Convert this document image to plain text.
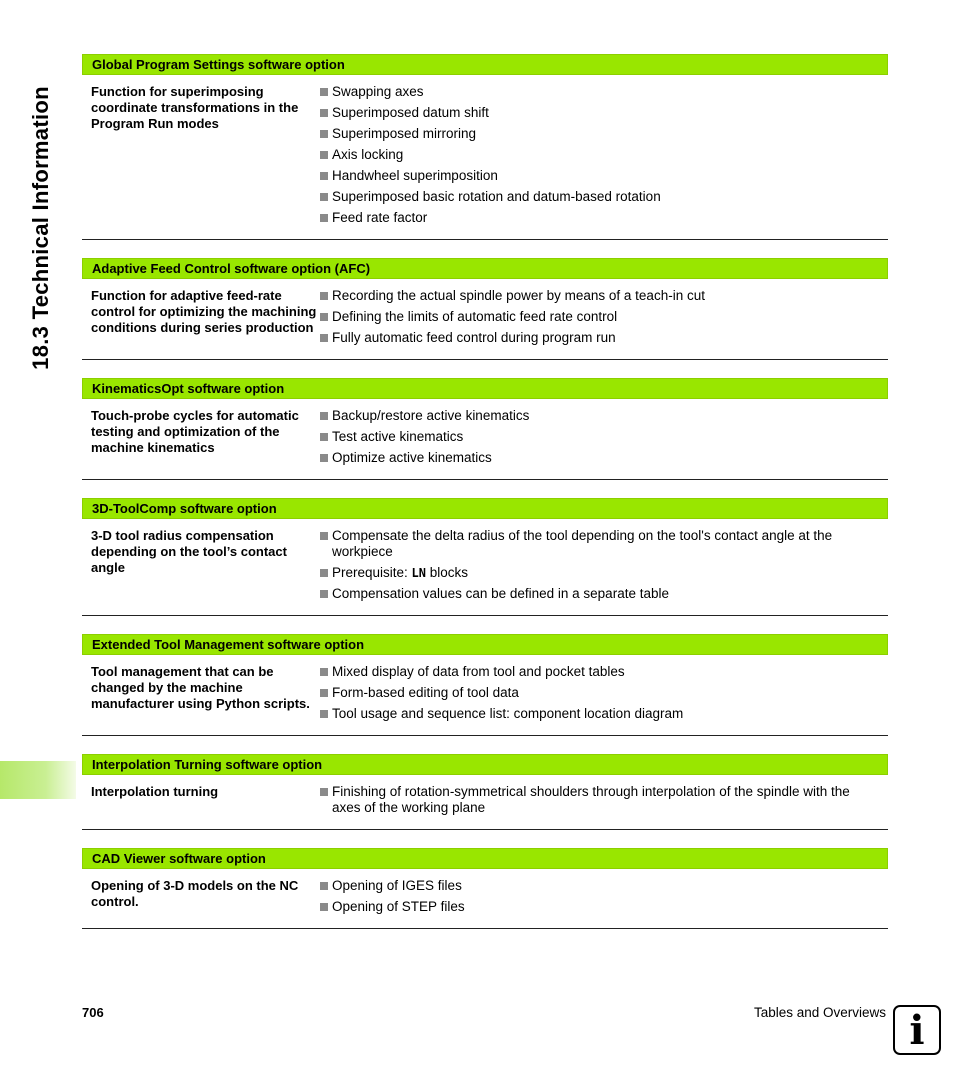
18.3 Technical Information
Global Program Settings software option
Function for superimposing coordinate transformations in the Program Run modes
Swapping axes
Superimposed datum shift
Superimposed mirroring
Axis locking
Handwheel superimposition
Superimposed basic rotation and datum-based rotation
Feed rate factor
Adaptive Feed Control software option (AFC)
Function for adaptive feed-rate control for optimizing the machining conditions during series production
Recording the actual spindle power by means of a teach-in cut
Defining the limits of automatic feed rate control
Fully automatic feed control during program run
KinematicsOpt software option
Touch-probe cycles for automatic testing and optimization of the machine kinematics
Backup/restore active kinematics
Test active kinematics
Optimize active kinematics
3D-ToolComp software option
3-D tool radius compensation depending on the tool’s contact angle
Compensate the delta radius of the tool depending on the tool's contact angle at the workpiece
Prerequisite: LN blocks
Compensation values can be defined in a separate table
Extended Tool Management software option
Tool management that can be changed by the machine manufacturer using Python scripts.
Mixed display of data from tool and pocket tables
Form-based editing of tool data
Tool usage and sequence list: component location diagram
Interpolation Turning software option
Interpolation turning	Finishing of rotation-symmetrical shoulders through interpolation of the spindle with the axes of the working plane
CAD Viewer software option
Opening of 3-D models on the NC control.
Opening of IGES files
Opening of STEP files
706	Tables and Overviews i
